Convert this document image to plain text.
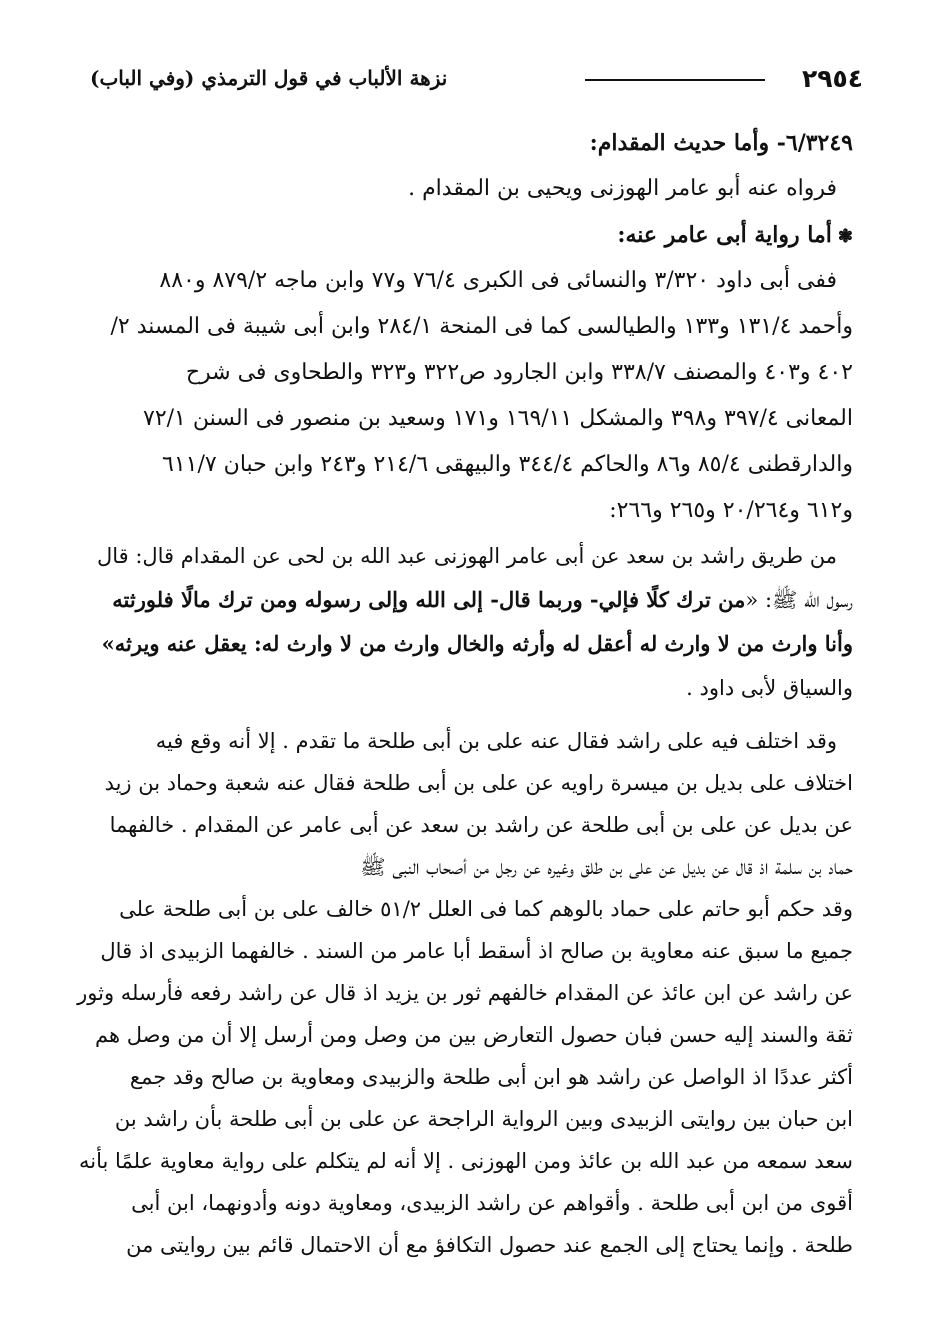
٢٩٥٤
نزهة الألباب في قول الترمذي (وفي الباب)
٦/٣٢٤٩- وأما حديث المقدام:
فرواه عنه أبو عامر الهوزنى ويحيى بن المقدام .
❃أما رواية أبى عامر عنه:
ففى أبى داود ٣/٣٢٠ والنسائى فى الكبرى ٧٦/٤ و٧٧ وابن ماجه ٨٧٩/٢ و٨٨٠
وأحمد ١٣١/٤ و١٣٣ والطيالسى كما فى المنحة ٢٨٤/١ وابن أبى شيبة فى المسند ٢/
٤٠٢ و٤٠٣ والمصنف ٣٣٨/٧ وابن الجارود ص٣٢٢ و٣٢٣ والطحاوى فى شرح
المعانى ٣٩٧/٤ و٣٩٨ والمشكل ١٦٩/١١ و١٧١ وسعيد بن منصور فى السنن ٧٢/١
والدارقطنى ٨٥/٤ و٨٦ والحاكم ٣٤٤/٤ والبيهقى ٢١٤/٦ و٢٤٣ وابن حبان ٦١١/٧
و٦١٢ و٢٠/٢٦٤ و٢٦٥ و٢٦٦:
من طريق راشد بن سعد عن أبى عامر الهوزنى عبد الله بن لحى عن المقدام قال: قال
رسول الله ﷺ: «من ترك كلًا فإلي- وربما قال- إلى الله وإلى رسوله ومن ترك مالًا فلورثته
وأنا وارث من لا وارث له أعقل له وأرثه والخال وارث من لا وارث له: يعقل عنه ويرثه»
والسياق لأبى داود .
وقد اختلف فيه على راشد فقال عنه على بن أبى طلحة ما تقدم . إلا أنه وقع فيه
اختلاف على بديل بن ميسرة راويه عن على بن أبى طلحة فقال عنه شعبة وحماد بن زيد
عن بديل عن على بن أبى طلحة عن راشد بن سعد عن أبى عامر عن المقدام . خالفهما
حماد بن سلمة اذ قال عن بديل عن على بن طلق وغيره عن رجل من أصحاب النبى ﷺ
وقد حكم أبو حاتم على حماد بالوهم كما فى العلل ٥١/٢ خالف على بن أبى طلحة على
جميع ما سبق عنه معاوية بن صالح اذ أسقط أبا عامر من السند . خالفهما الزبيدى اذ قال
عن راشد عن ابن عائذ عن المقدام خالفهم ثور بن يزيد اذ قال عن راشد رفعه فأرسله وثور
ثقة والسند إليه حسن فبان حصول التعارض بين من وصل ومن أرسل إلا أن من وصل هم
أكثر عددًا اذ الواصل عن راشد هو ابن أبى طلحة والزبيدى ومعاوية بن صالح وقد جمع
ابن حبان بين روايتى الزبيدى وبين الرواية الراجحة عن على بن أبى طلحة بأن راشد بن
سعد سمعه من عبد الله بن عائذ ومن الهوزنى . إلا أنه لم يتكلم على رواية معاوية علمًا بأنه
أقوى من ابن أبى طلحة . وأقواهم عن راشد الزبيدى، ومعاوية دونه وأدونهما، ابن أبى
طلحة . وإنما يحتاج إلى الجمع عند حصول التكافؤ مع أن الاحتمال قائم بين روايتى من
